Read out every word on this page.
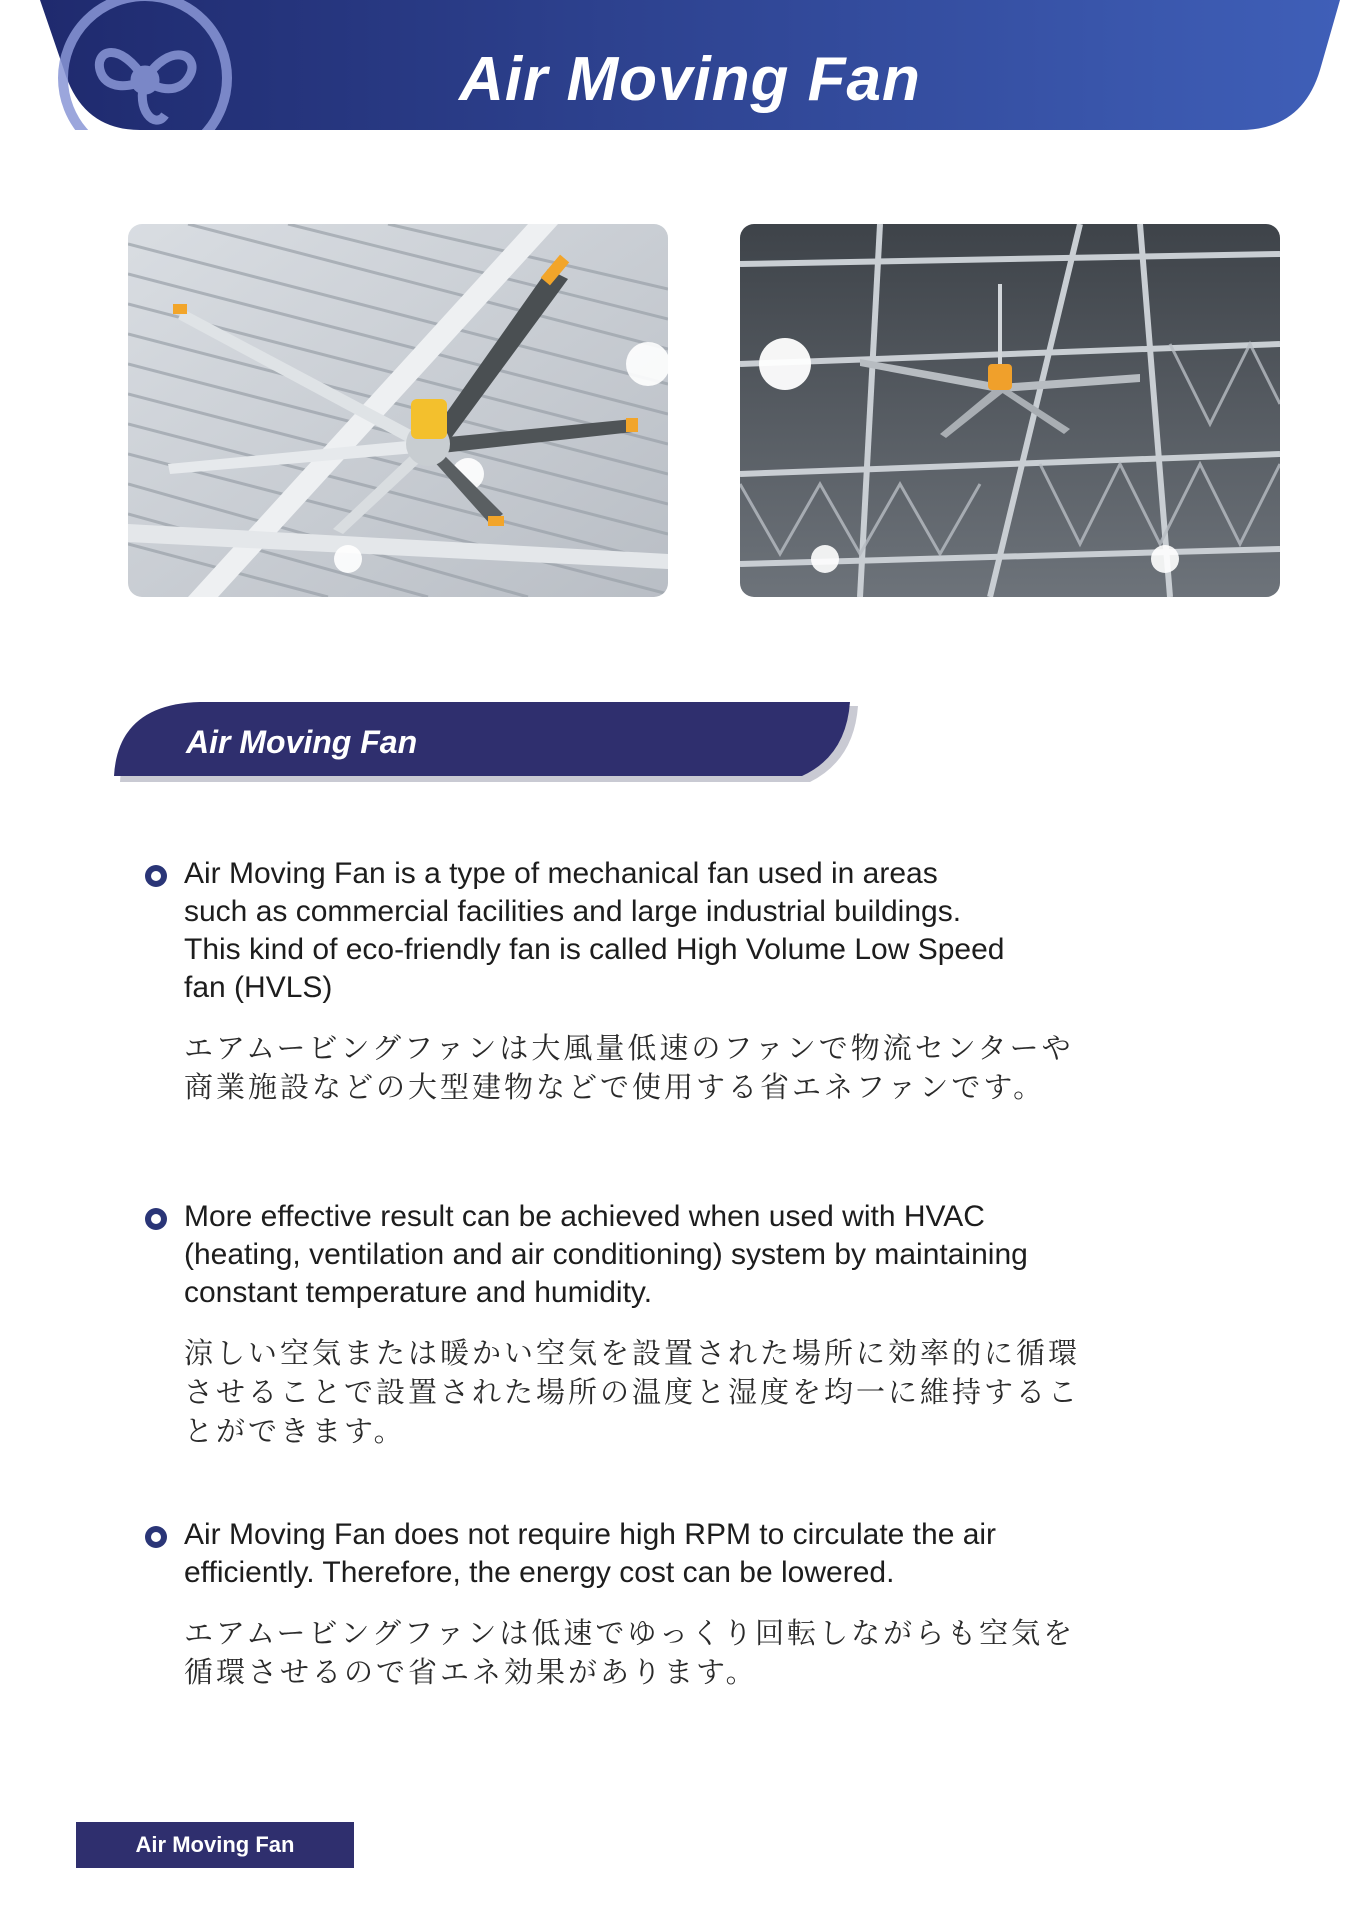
Air Moving Fan
Air Moving Fan
Air Moving Fan is a type of mechanical fan used in areas
such as commercial facilities and large industrial buildings.
This kind of eco-friendly fan is called High Volume Low Speed
fan (HVLS)
エアムービングファンは大風量低速のファンで物流センターや
商業施設などの大型建物などで使用する省エネファンです。
More effective result can be achieved when used with HVAC
(heating, ventilation and air conditioning) system by maintaining
constant temperature and humidity.
涼しい空気または暖かい空気を設置された場所に効率的に循環
させることで設置された場所の温度と湿度を均一に維持するこ
とができます。
Air Moving Fan does not require high RPM to circulate the air
efficiently. Therefore, the energy cost can be lowered.
エアムービングファンは低速でゆっくり回転しながらも空気を
循環させるので省エネ効果があります。
Air Moving Fan
